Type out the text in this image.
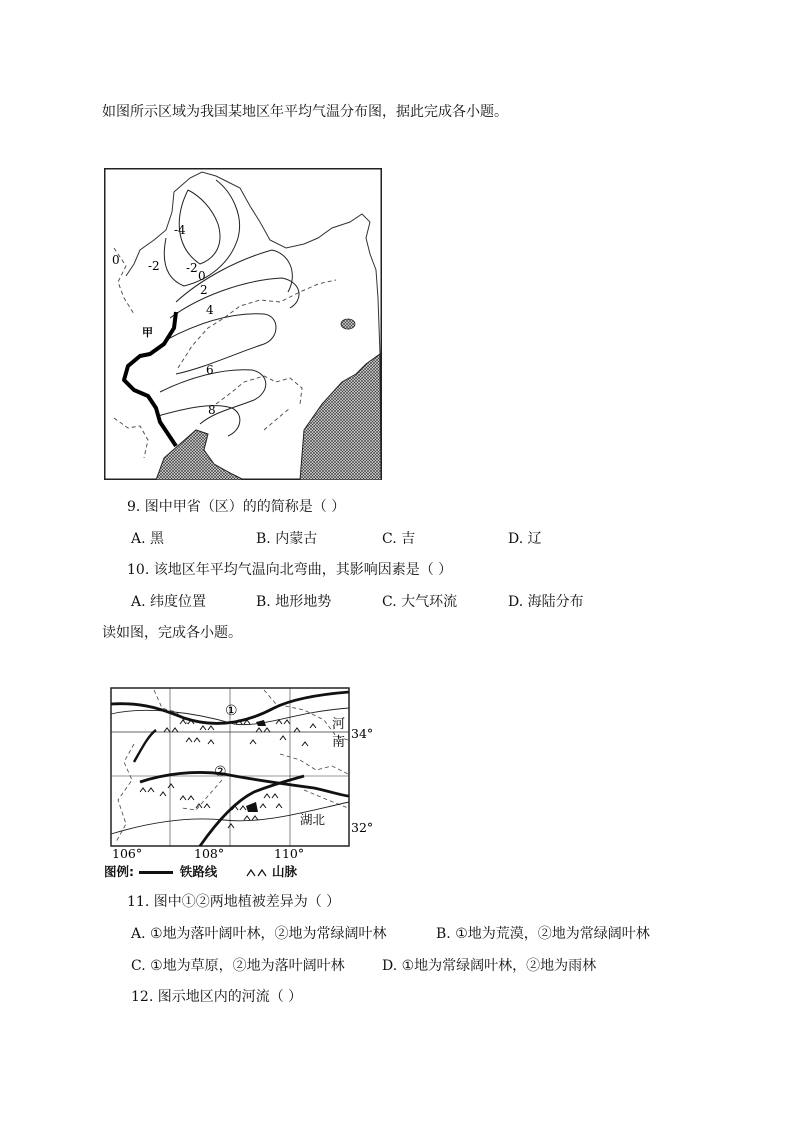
如图所示区域为我国某地区年平均气温分布图，据此完成各小题。
-4
-2
0
-2
0
2
4
6
8
甲
9. 图中甲省（区）的的简称是（ ）
A. 黑	B. 内蒙古	C. 吉	D. 辽
10. 该地区年平均气温向北弯曲，其影响因素是（ ）
A. 纬度位置	B. 地形地势	C. 大气环流	D. 海陆分布
读如图，完成各小题。
①
②
河
南
湖北
34°
32°
106°	108°	110°
图例:	铁路线	山脉
11. 图中①②两地植被差异为（ ）
A. ①地为落叶阔叶林，②地为常绿阔叶林	B. ①地为荒漠，②地为常绿阔叶林
C. ①地为草原，②地为落叶阔叶林	D. ①地为常绿阔叶林，②地为雨林
12. 图示地区内的河流（ ）
